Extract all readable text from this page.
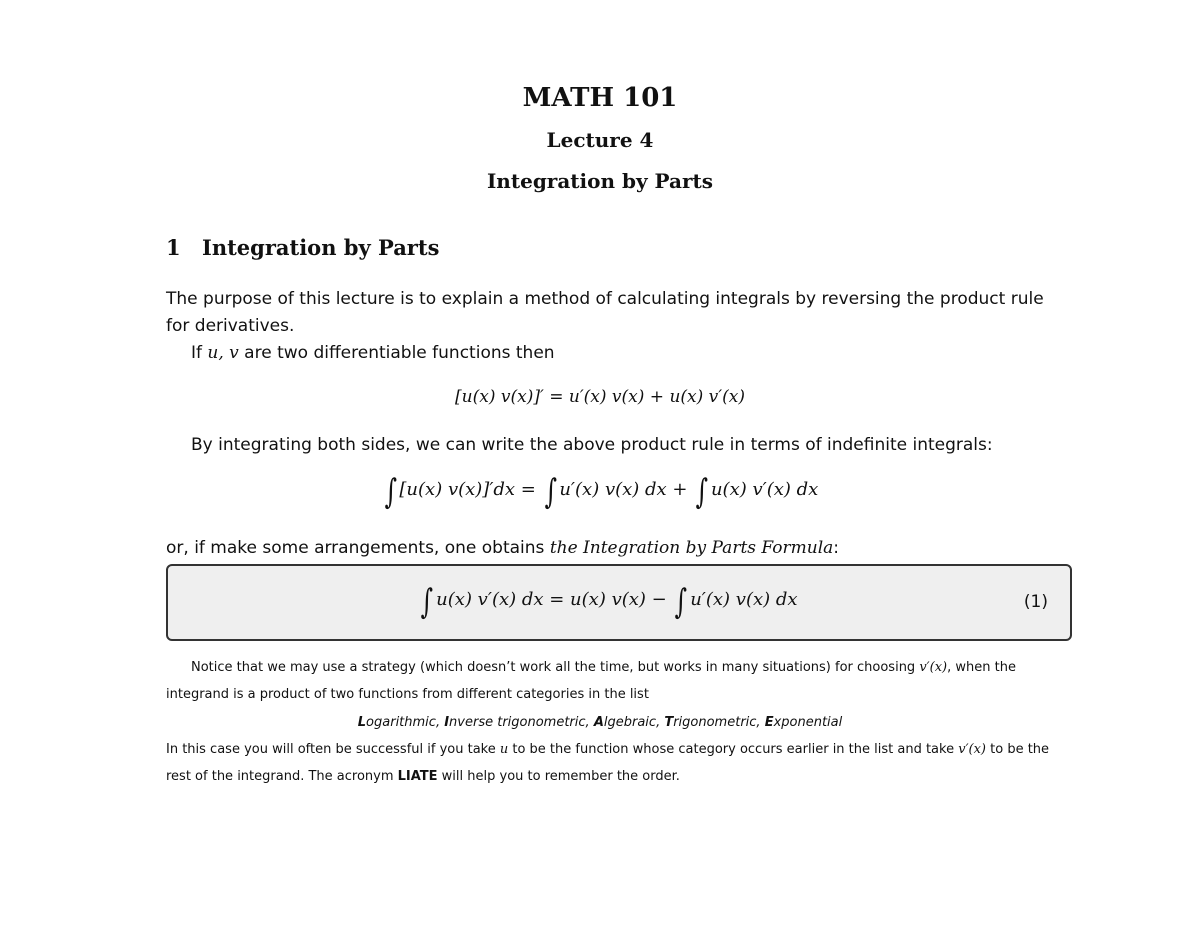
MATH 101
Lecture 4
Integration by Parts
1 Integration by Parts
The purpose of this lecture is to explain a method of calculating integrals by reversing the product rule
for derivatives.
If u, v are two differentiable functions then
[u(x) v(x)]′ = u′(x) v(x) + u(x) v′(x)
By integrating both sides, we can write the above product rule in terms of indefinite integrals:
∫ [u(x) v(x)]′dx = ∫ u′(x) v(x) dx + ∫ u(x) v′(x) dx
or, if make some arrangements, one obtains the Integration by Parts Formula:
∫ u(x) v′(x) dx = u(x) v(x) − ∫ u′(x) v(x) dx	(1)
Notice that we may use a strategy (which doesn’t work all the time, but works in many situations) for choosing v′(x), when the
integrand is a product of two functions from different categories in the list
Logarithmic, Inverse trigonometric, Algebraic, Trigonometric, Exponential
In this case you will often be successful if you take u to be the function whose category occurs earlier in the list and take v′(x) to be the
rest of the integrand. The acronym LIATE will help you to remember the order.
